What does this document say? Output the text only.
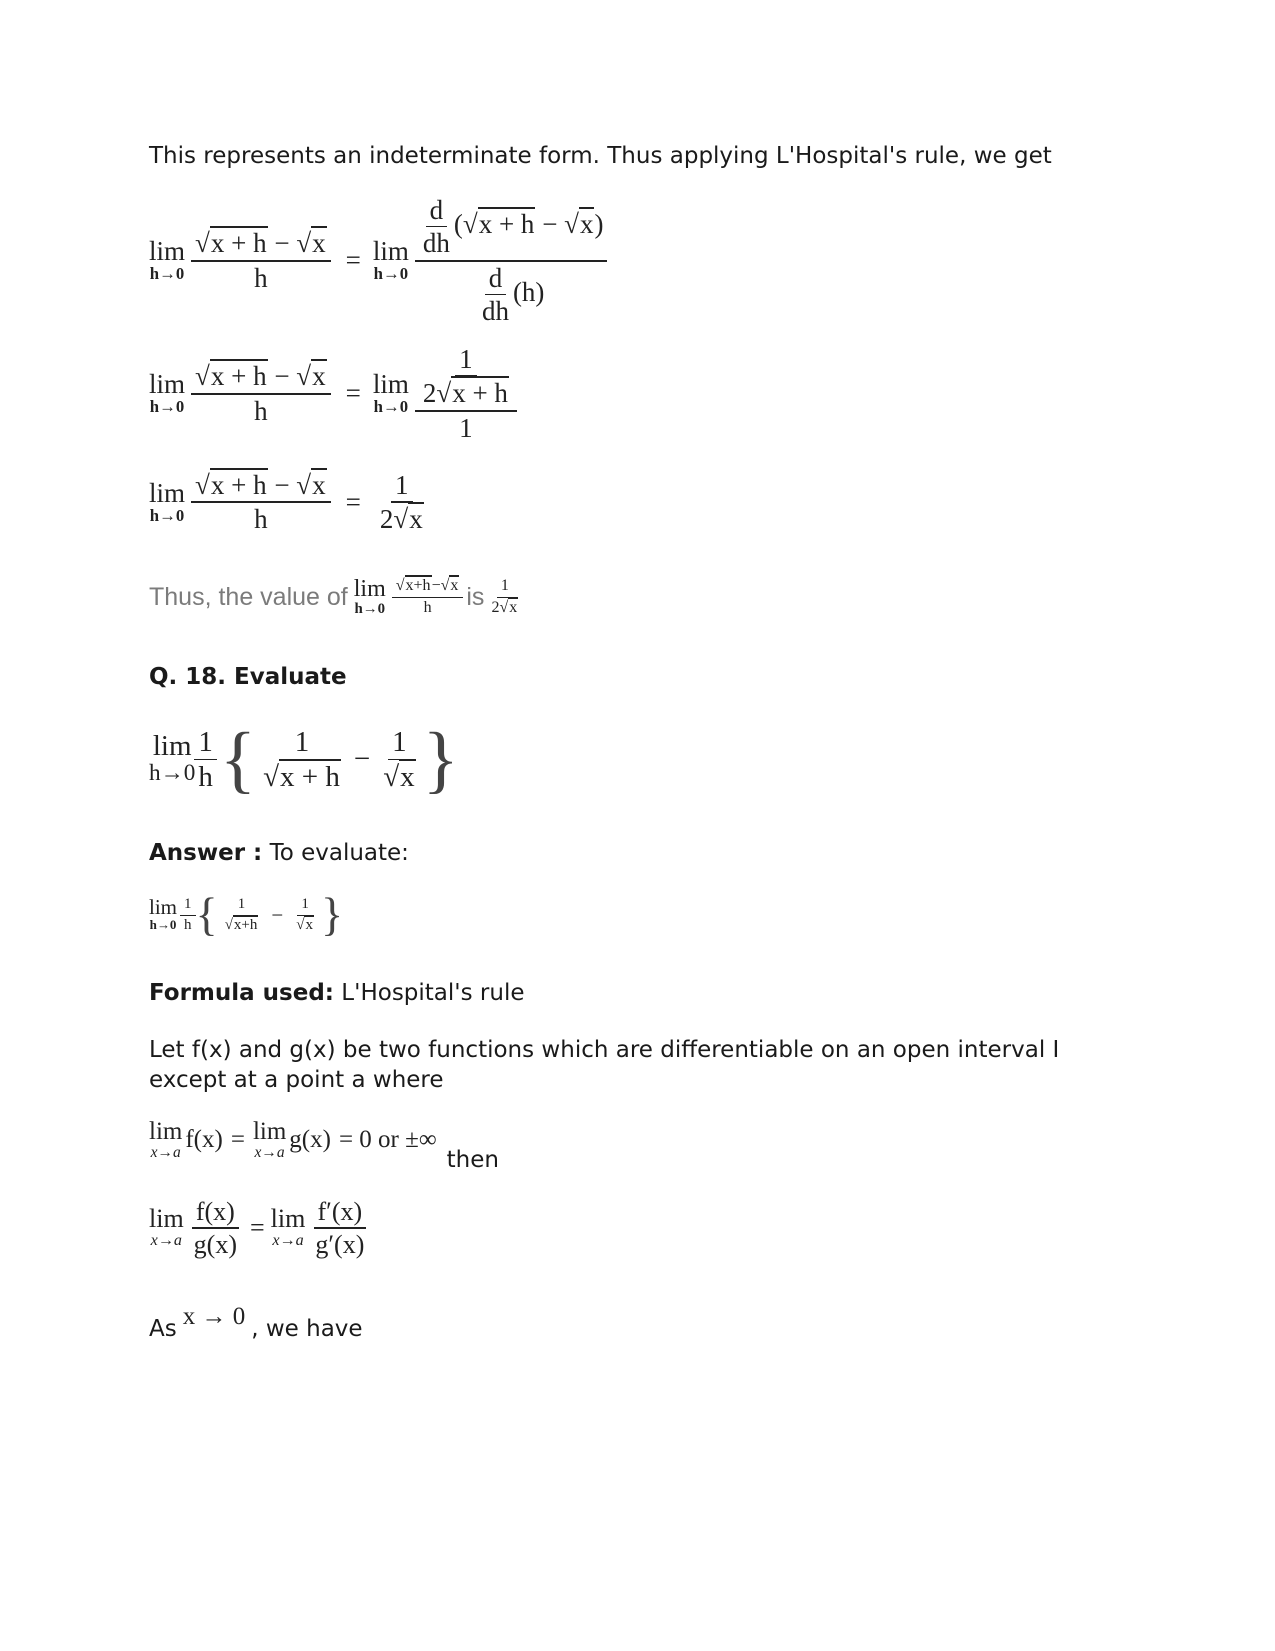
This represents an indeterminate form. Thus applying L'Hospital's rule, we get
lim
$h\to 0 \frac{√x + h - √x}{h} = \lim$
$h\to 0 \frac{\frac{d}{dh} (√x + h - √x)}{\frac{d}{dh} (h)}$
lim
$h\to 0 \frac{√x + h - √x}{h} = \lim$
$h\to 0 \frac{\frac{1}{2√x + h}}{1}$
lim
$h\to 0 \frac{√x + h - √x}{h} = \frac{1}{2√x}$
Thus, the value of lim
$h\to 0 \frac{√x+h-√x}{h}$ is $\frac{1}{2√x}$
Q. 18. Evaluate
lim
$h\to 0 \frac{1}{h}$ { $\frac{1}{√x + h} - \frac{1}{√x}$ }
Answer : To evaluate:
lim
$h\to 0 \frac{1}{h}$ { $\frac{1}{√x+h} - \frac{1}{√x}$ }
Formula used: L'Hospital's rule
Let f(x) and g(x) be two functions which are differentiable on an open interval I except at a point a where
lim
x→a f(x) = lim
x→a g(x) = 0 or ±∞
then
lim
$x\to a \frac{f(x)}{g(x)} = \lim$
$x\to a \frac{f'(x)}{g'(x)}$
As x → 0 , we have
